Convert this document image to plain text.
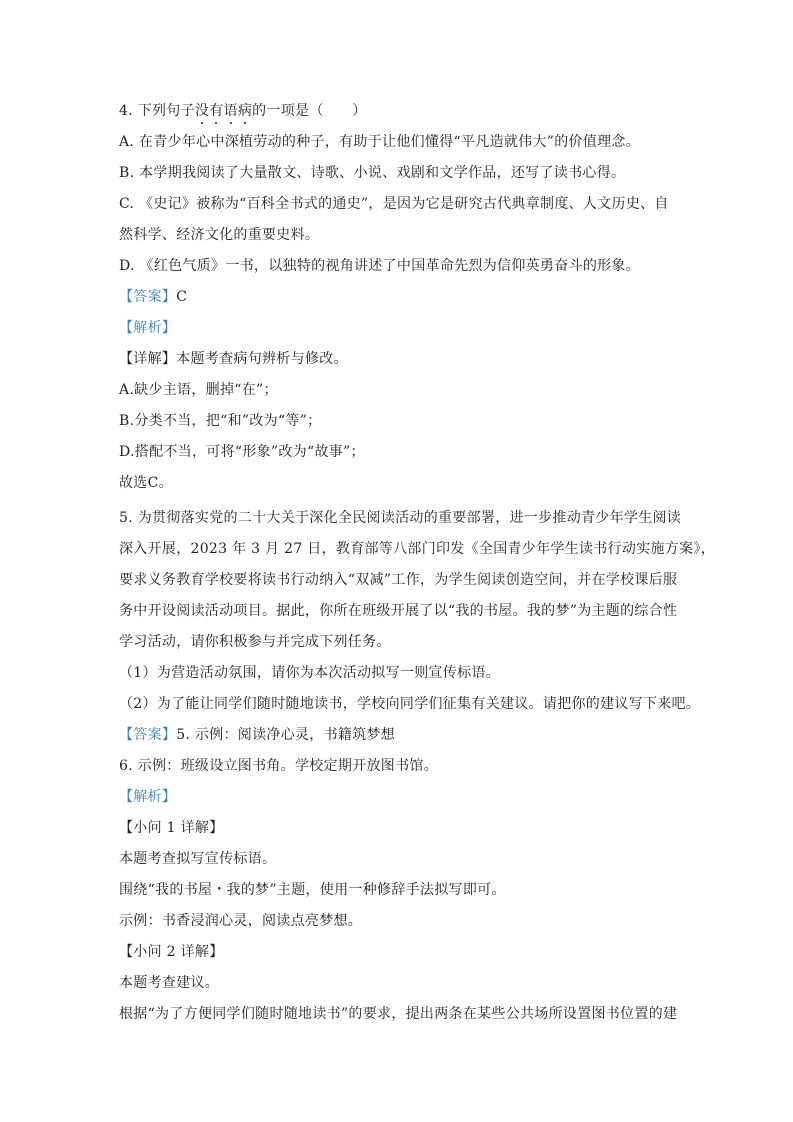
4. 下列句子没有语病的一项是（　　）
A. 在青少年心中深植劳动的种子，有助于让他们懂得“平凡造就伟大”的价值理念。
B. 本学期我阅读了大量散文、诗歌、小说、戏剧和文学作品，还写了读书心得。
C. 《史记》被称为“百科全书式的通史”，是因为它是研究古代典章制度、人文历史、自
然科学、经济文化的重要史料。
D. 《红色气质》一书，以独特的视角讲述了中国革命先烈为信仰英勇奋斗的形象。
【答案】C
【解析】
【详解】本题考查病句辨析与修改。
A.缺少主语，删掉“在”；
B.分类不当，把“和”改为“等”；
D.搭配不当，可将“形象”改为“故事”；
故选C。
5. 为贯彻落实党的二十大关于深化全民阅读活动的重要部署，进一步推动青少年学生阅读
深入开展，2023 年 3 月 27 日，教育部等八部门印发《全国青少年学生读书行动实施方案》，
要求义务教育学校要将读书行动纳入“双减”工作，为学生阅读创造空间，并在学校课后服
务中开设阅读活动项目。据此，你所在班级开展了以“我的书屋。我的梦”为主题的综合性
学习活动，请你积极参与并完成下列任务。
（1）为营造活动氛围，请你为本次活动拟写一则宣传标语。
（2）为了能让同学们随时随地读书，学校向同学们征集有关建议。请把你的建议写下来吧。
【答案】5. 示例：阅读净心灵，书籍筑梦想
6. 示例：班级设立图书角。学校定期开放图书馆。
【解析】
【小问 1 详解】
本题考查拟写宣传标语。
围绕“我的书屋・我的梦”主题，使用一种修辞手法拟写即可。
示例：书香浸润心灵，阅读点亮梦想。
【小问 2 详解】
本题考查建议。
根据“为了方便同学们随时随地读书”的要求，提出两条在某些公共场所设置图书位置的建
